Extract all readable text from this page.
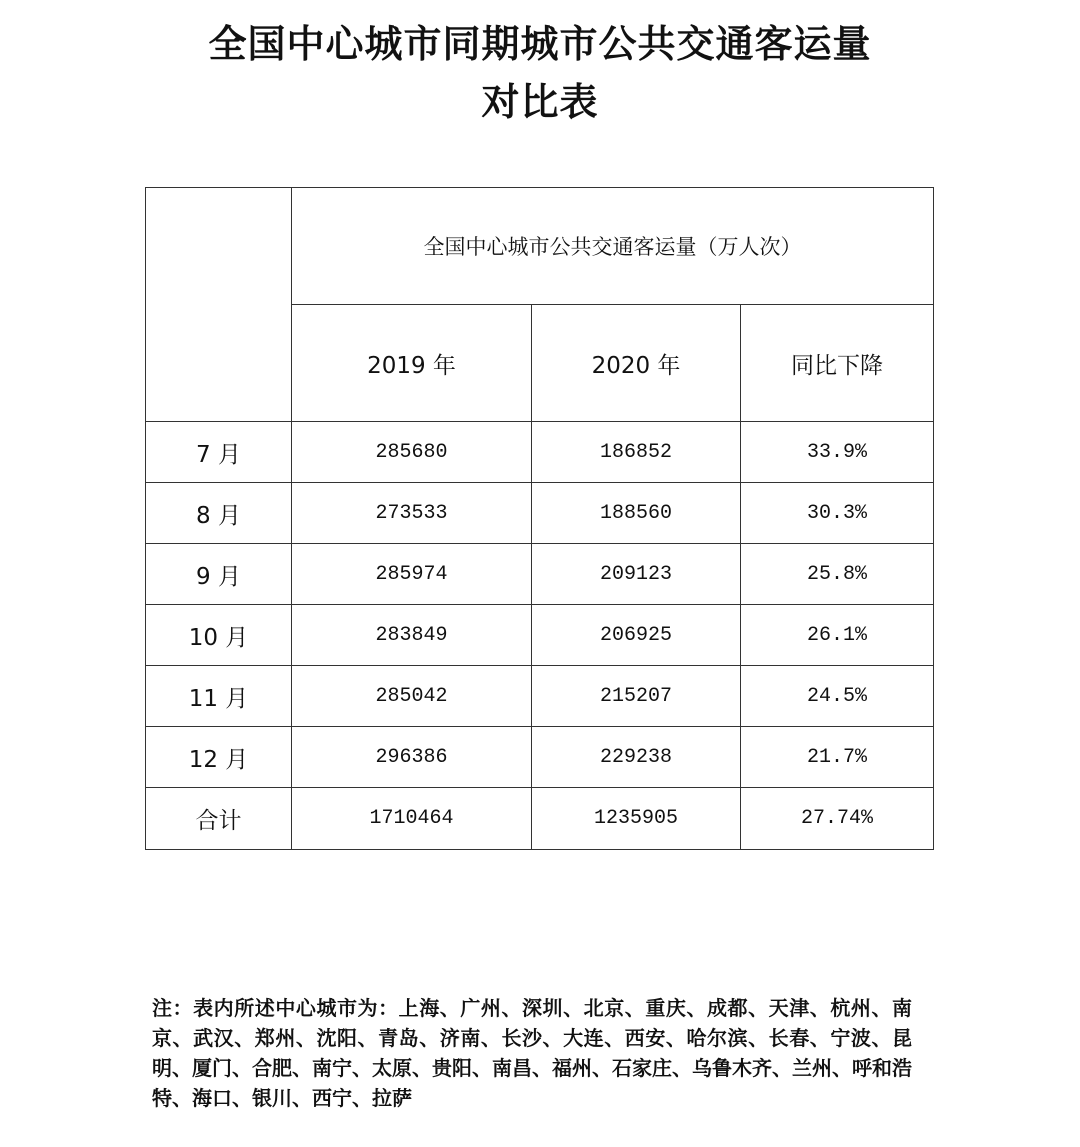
全国中心城市同期城市公共交通客运量
对比表
	全国中心城市公共交通客运量（万人次）		
	2019 年	2020 年	同比下降
7 月	285680	186852	33.9%
8 月	273533	188560	30.3%
9 月	285974	209123	25.8%
10 月	283849	206925	26.1%
11 月	285042	215207	24.5%
12 月	296386	229238	21.7%
合计	1710464	1235905	27.74%
注：表内所述中心城市为：上海、广州、深圳、北京、重庆、成都、天津、杭州、南京、武汉、郑州、沈阳、青岛、济南、长沙、大连、西安、哈尔滨、长春、宁波、昆明、厦门、合肥、南宁、太原、贵阳、南昌、福州、石家庄、乌鲁木齐、兰州、呼和浩特、海口、银川、西宁、拉萨
